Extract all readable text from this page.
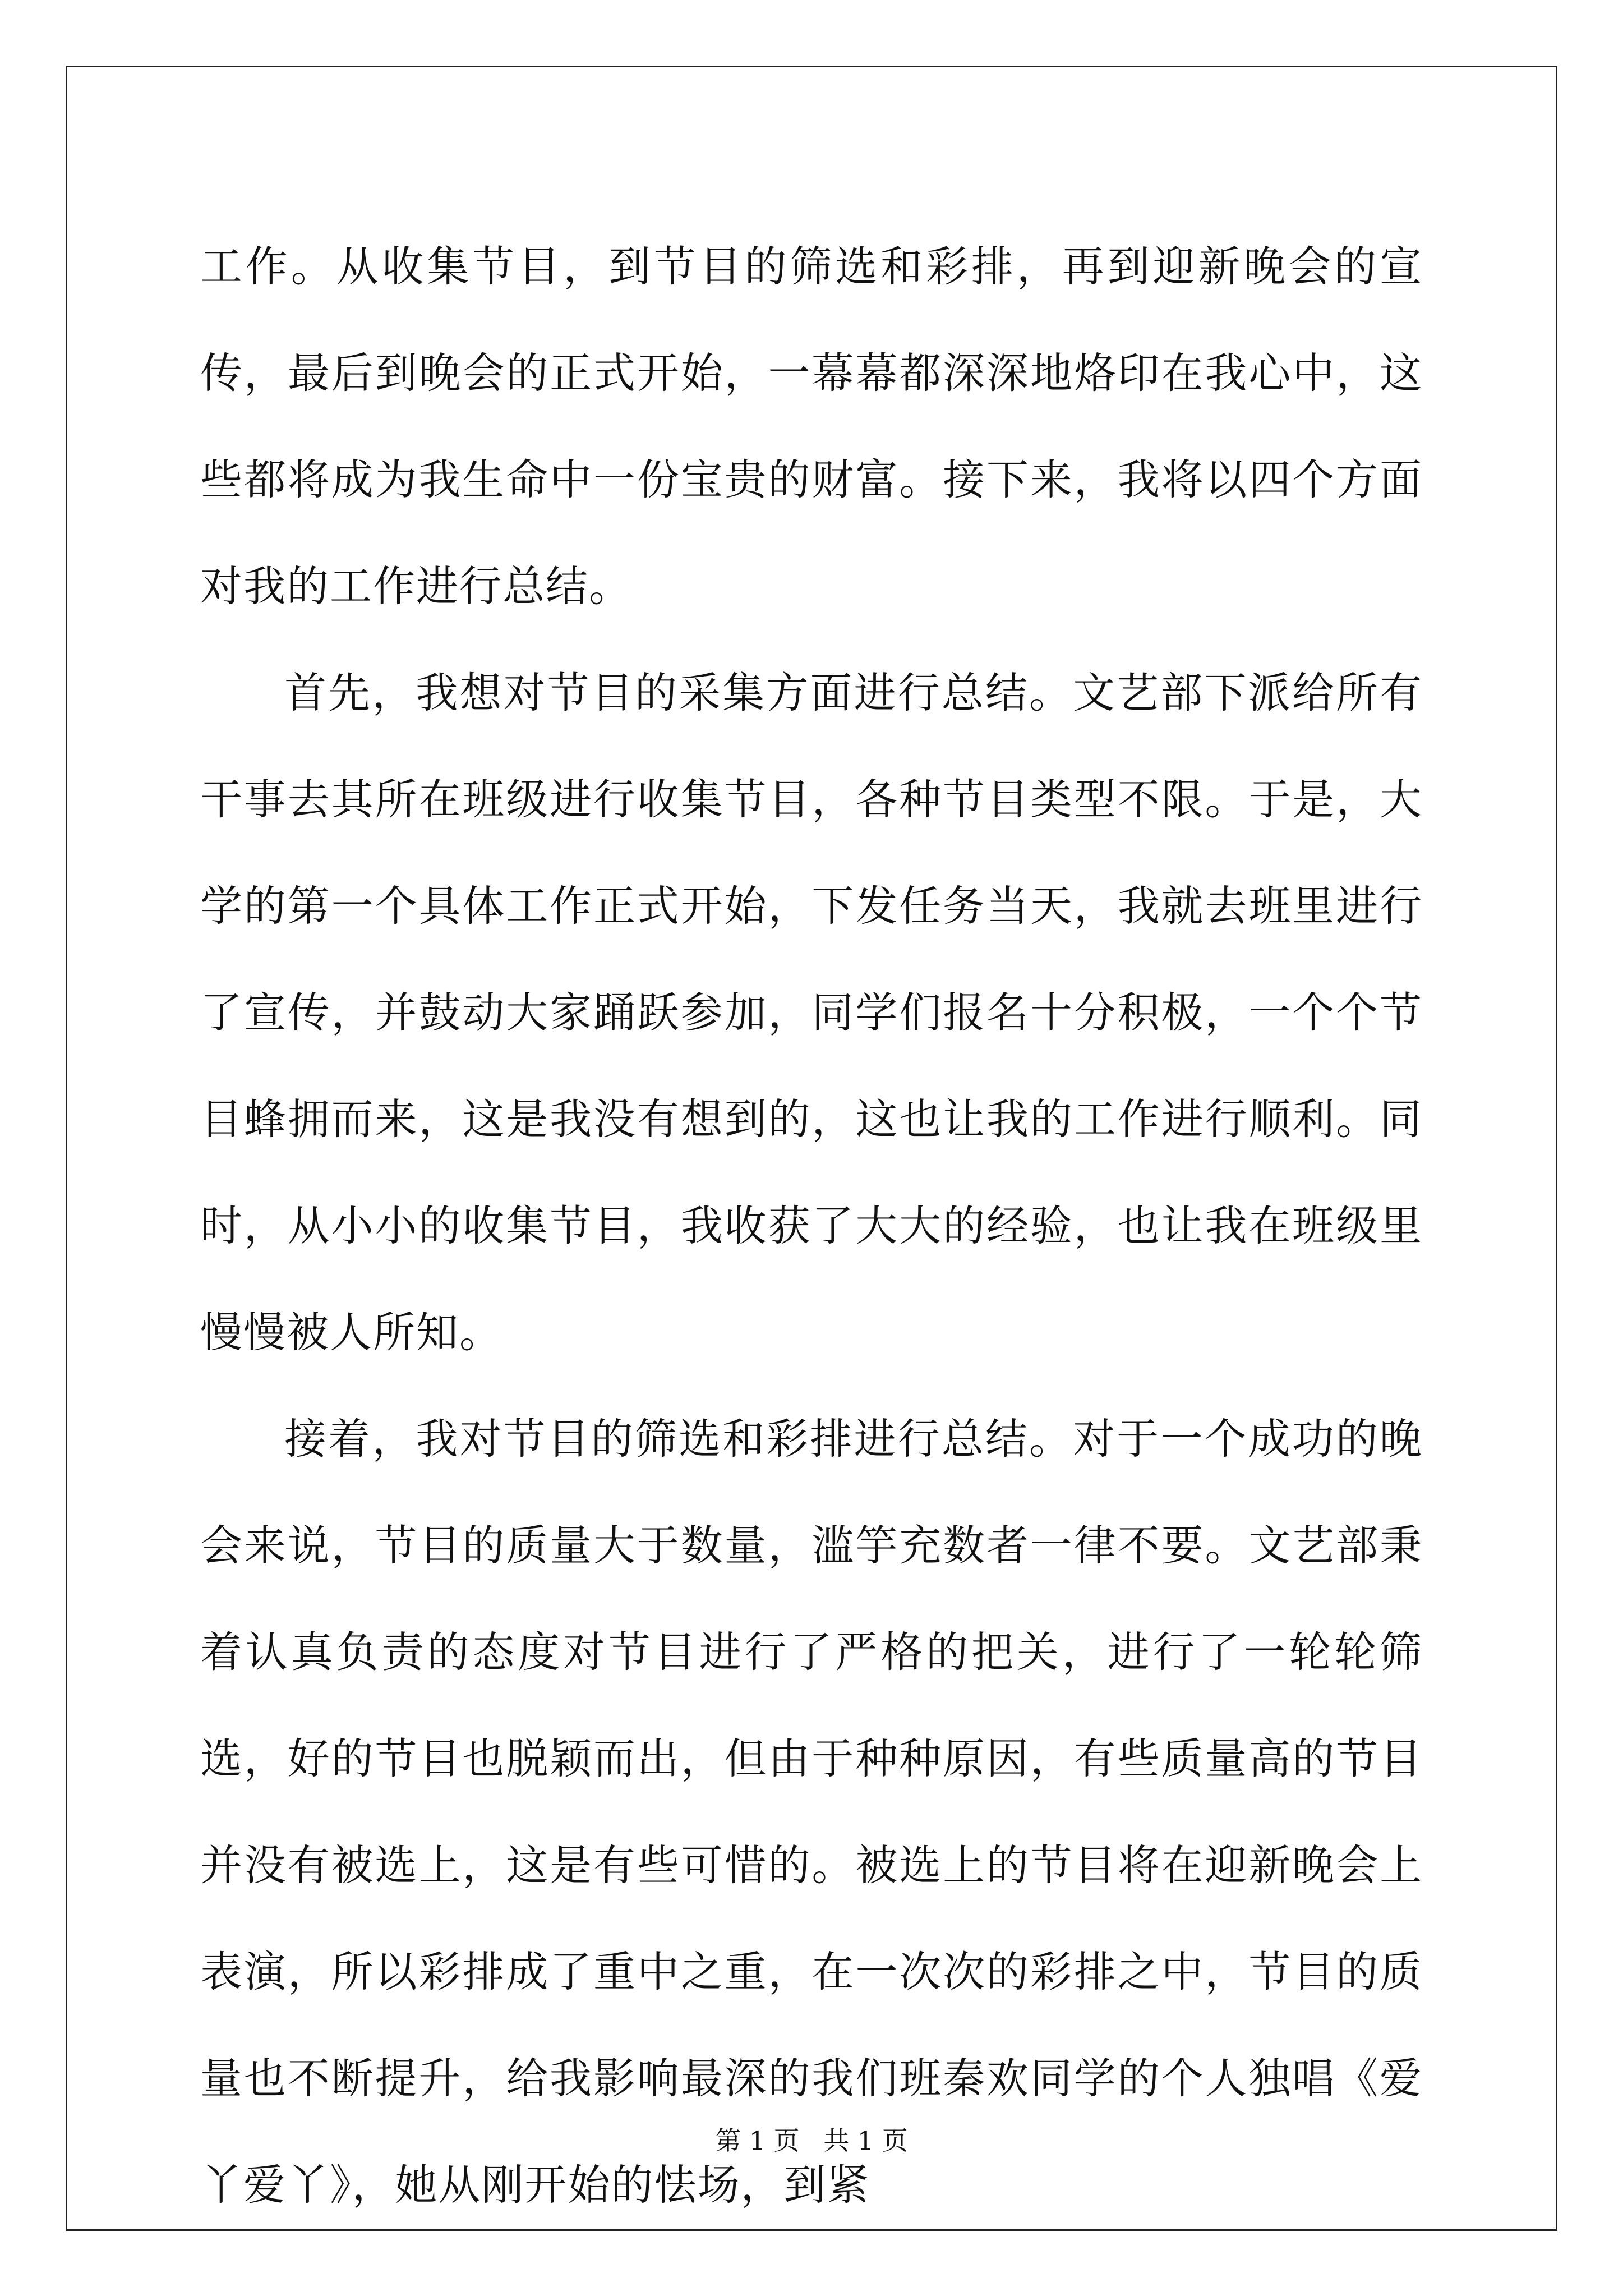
工作。从收集节目，到节目的筛选和彩排，再到迎新晚会的宣传，最后到晚会的正式开始，一幕幕都深深地烙印在我心中，这些都将成为我生命中一份宝贵的财富。接下来，我将以四个方面对我的工作进行总结。

首先，我想对节目的采集方面进行总结。文艺部下派给所有干事去其所在班级进行收集节目，各种节目类型不限。于是，大学的第一个具体工作正式开始，下发任务当天，我就去班里进行了宣传，并鼓动大家踊跃参加，同学们报名十分积极，一个个节目蜂拥而来，这是我没有想到的，这也让我的工作进行顺利。同时，从小小的收集节目，我收获了大大的经验，也让我在班级里慢慢被人所知。

接着，我对节目的筛选和彩排进行总结。对于一个成功的晚会来说，节目的质量大于数量，滥竽充数者一律不要。文艺部秉着认真负责的态度对节目进行了严格的把关，进行了一轮轮筛选，好的节目也脱颖而出，但由于种种原因，有些质量高的节目并没有被选上，这是有些可惜的。被选上的节目将在迎新晚会上表演，所以彩排成了重中之重，在一次次的彩排之中，节目的质量也不断提升，给我影响最深的我们班秦欢同学的个人独唱《爱丫爱丫》，她从刚开始的怯场，到紧

第 1 页 共 1 页
